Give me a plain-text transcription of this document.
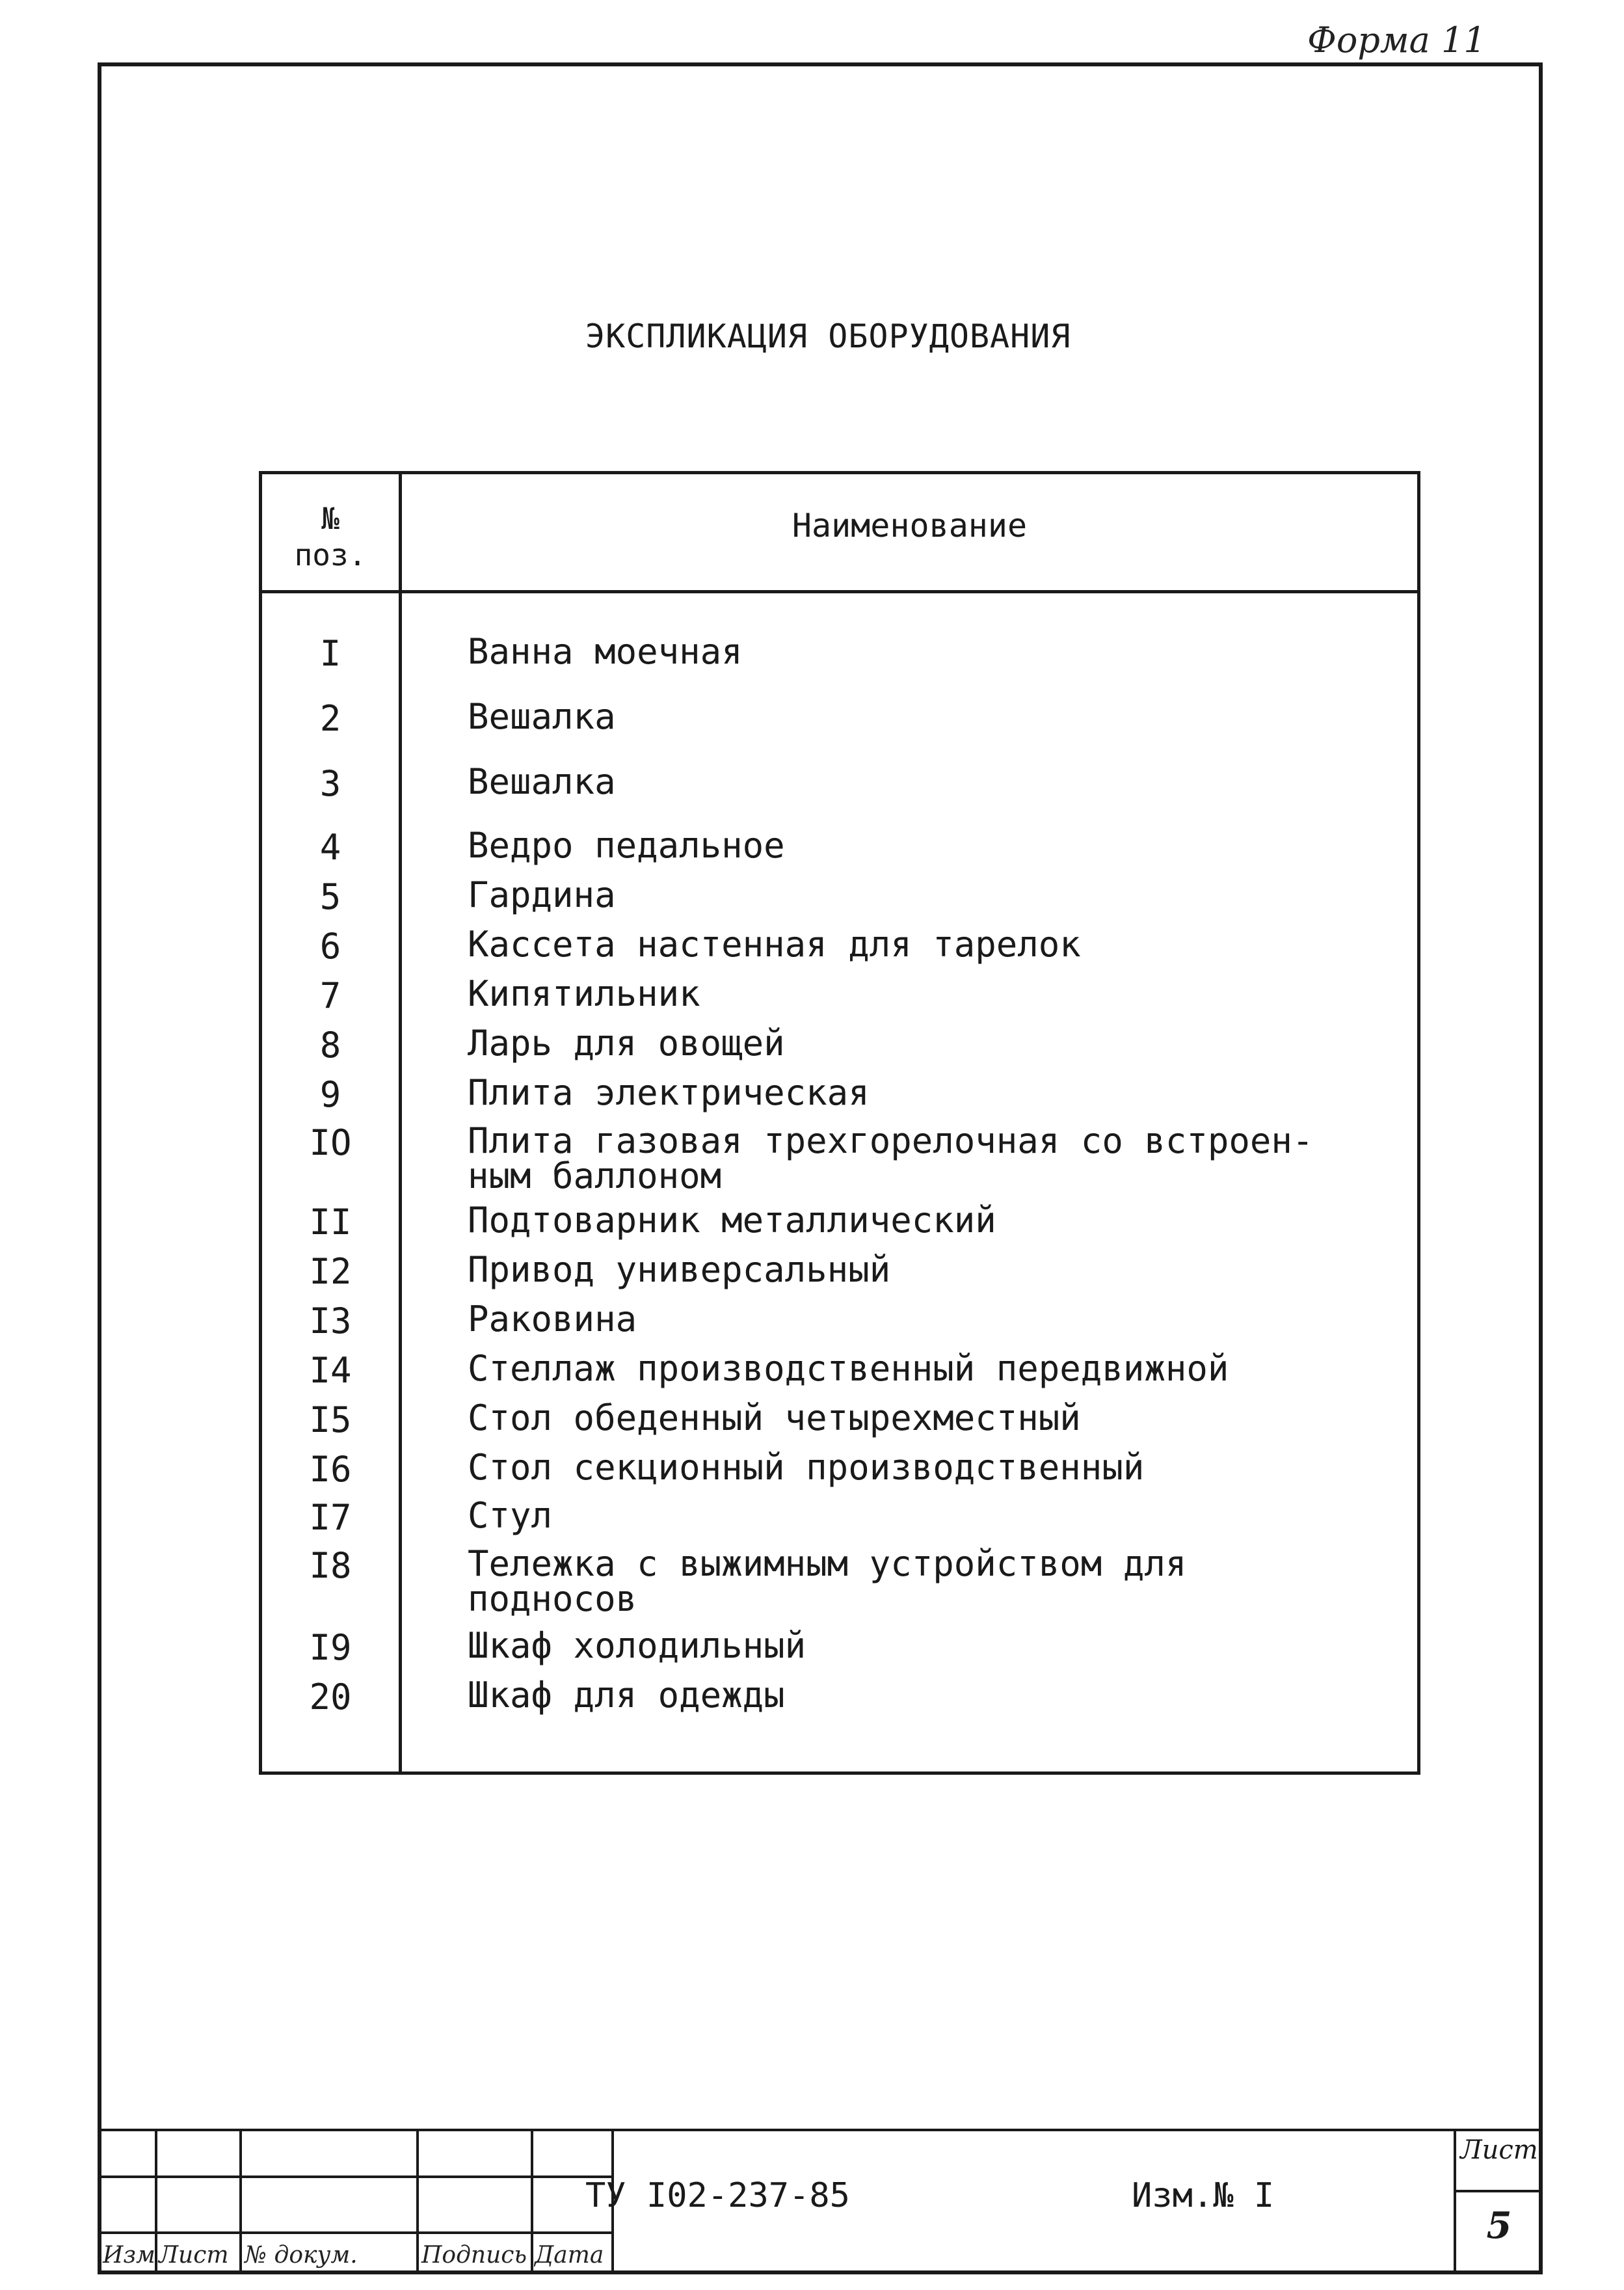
Форма 11
ЭКСПЛИКАЦИЯ ОБОРУДОВАНИЯ
№
поз.
Наименование
I	Ванна моечная
2	Вешалка
3	Вешалка
4	Ведро педальное
5	Гардина
6	Кассета настенная для тарелок
7	Кипятильник
8	Ларь для овощей
9	Плита электрическая
IO	Плита газовая трехгорелочная со встроен-ным баллоном
II	Подтоварник металлический
I2	Привод универсальный
I3	Раковина
I4	Стеллаж производственный передвижной
I5	Стол обеденный четырехместный
I6	Стол секционный производственный
I7	Стул
I8	Тележка с выжимным устройством для подносов
I9	Шкаф холодильный
20	Шкаф для одежды
ТУ I02-237-85	Изм.№ I
Изм Лист № докум.	Подпись Дата
Лист
5
